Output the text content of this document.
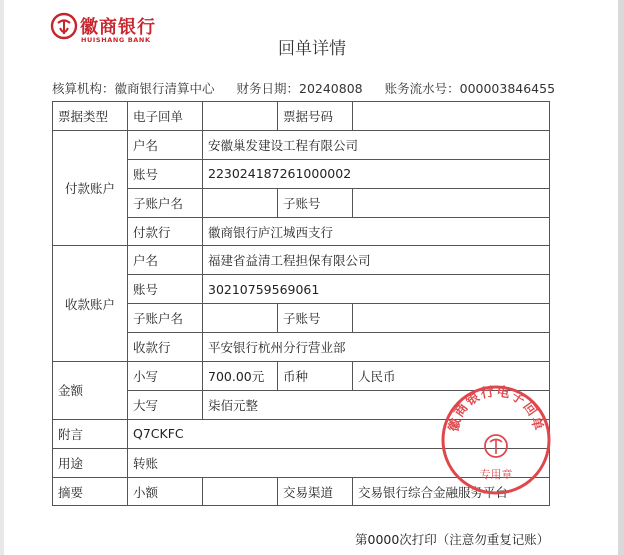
徽商银行
HUISHANG BANK	回单详情
核算机构：徽商银行清算中心 财务日期：20240808 账务流水号：000003846455
票据类型	电子回单		票据号码	
付款账户	户名	安徽巢发建设工程有限公司		
	账号	223024187261000002		
	子账户名		子账号	
	付款行	徽商银行庐江城西支行		
收款账户	户名	福建省益清工程担保有限公司		
	账号	30210759569061		
	子账户名		子账号	
	收款行	平安银行杭州分行营业部		
金额	小写	700.00元	币种	人民币
	大写	柒佰元整		
附言	Q7CKFC			
用途	转账			
摘要	小额		交易渠道	交易银行综合金融服务平台
第0000次打印（注意勿重复记账）
徽商银行电子回单
专用章
